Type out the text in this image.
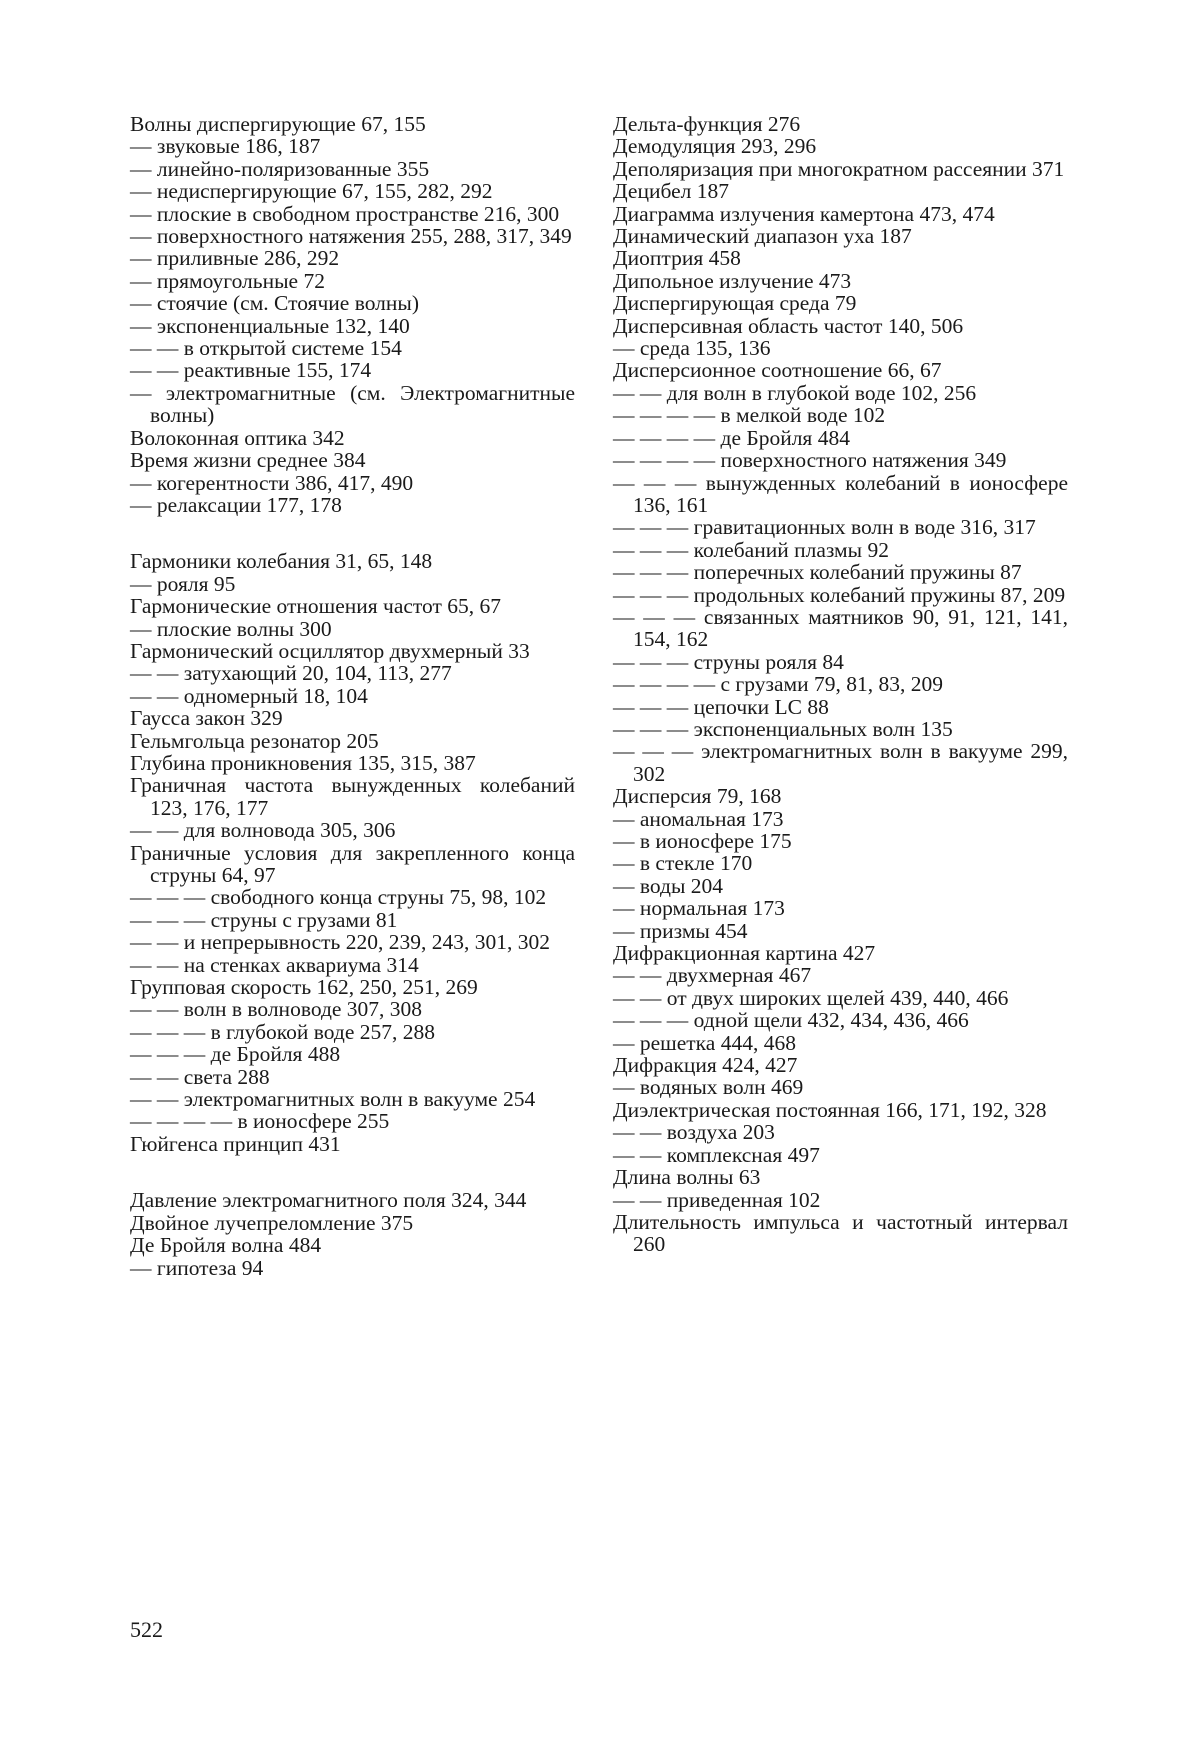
Волны диспергирующие 67, 155
— звуковые 186, 187
— линейно-поляризованные 355
— недиспергирующие 67, 155, 282, 292
— плоские в свободном пространстве 216, 300
— поверхностного натяжения 255, 288, 317, 349
— приливные 286, 292
— прямоугольные 72
— стоячие (см. Стоячие волны)
— экспоненциальные 132, 140
— — в открытой системе 154
— — реактивные 155, 174
— электромагнитные (см. Электромагнитные волны)
Волоконная оптика 342
Время жизни среднее 384
— когерентности 386, 417, 490
— релаксации 177, 178
Гармоники колебания 31, 65, 148
— рояля 95
Гармонические отношения частот 65, 67
— плоские волны 300
Гармонический осциллятор двухмерный 33
— — затухающий 20, 104, 113, 277
— — одномерный 18, 104
Гаусса закон 329
Гельмгольца резонатор 205
Глубина проникновения 135, 315, 387
Граничная частота вынужденных колебаний 123, 176, 177
— — для волновода 305, 306
Граничные условия для закрепленного конца струны 64, 97
— — — свободного конца струны 75, 98, 102
— — — струны с грузами 81
— — и непрерывность 220, 239, 243, 301, 302
— — на стенках аквариума 314
Групповая скорость 162, 250, 251, 269
— — волн в волноводе 307, 308
— — — в глубокой воде 257, 288
— — — де Бройля 488
— — света 288
— — электромагнитных волн в вакууме 254
— — — — в ионосфере 255
Гюйгенса принцип 431
Давление электромагнитного поля 324, 344
Двойное лучепреломление 375
Де Бройля волна 484
— гипотеза 94
Дельта-функция 276
Демодуляция 293, 296
Деполяризация при многократном рассеянии 371
Децибел 187
Диаграмма излучения камертона 473, 474
Динамический диапазон уха 187
Диоптрия 458
Дипольное излучение 473
Диспергирующая среда 79
Дисперсивная область частот 140, 506
— среда 135, 136
Дисперсионное соотношение 66, 67
— — для волн в глубокой воде 102, 256
— — — — в мелкой воде 102
— — — — де Бройля 484
— — — — поверхностного натяжения 349
— — — вынужденных колебаний в ионосфере 136, 161
— — — гравитационных волн в воде 316, 317
— — — колебаний плазмы 92
— — — поперечных колебаний пружины 87
— — — продольных колебаний пружины 87, 209
— — — связанных маятников 90, 91, 121, 141, 154, 162
— — — струны рояля 84
— — — — с грузами 79, 81, 83, 209
— — — цепочки LC 88
— — — экспоненциальных волн 135
— — — электромагнитных волн в вакууме 299, 302
Дисперсия 79, 168
— аномальная 173
— в ионосфере 175
— в стекле 170
— воды 204
— нормальная 173
— призмы 454
Дифракционная картина 427
— — двухмерная 467
— — от двух широких щелей 439, 440, 466
— — — одной щели 432, 434, 436, 466
— решетка 444, 468
Дифракция 424, 427
— водяных волн 469
Диэлектрическая постоянная 166, 171, 192, 328
— — воздуха 203
— — комплексная 497
Длина волны 63
— — приведенная 102
Длительность импульса и частотный интервал 260
522
